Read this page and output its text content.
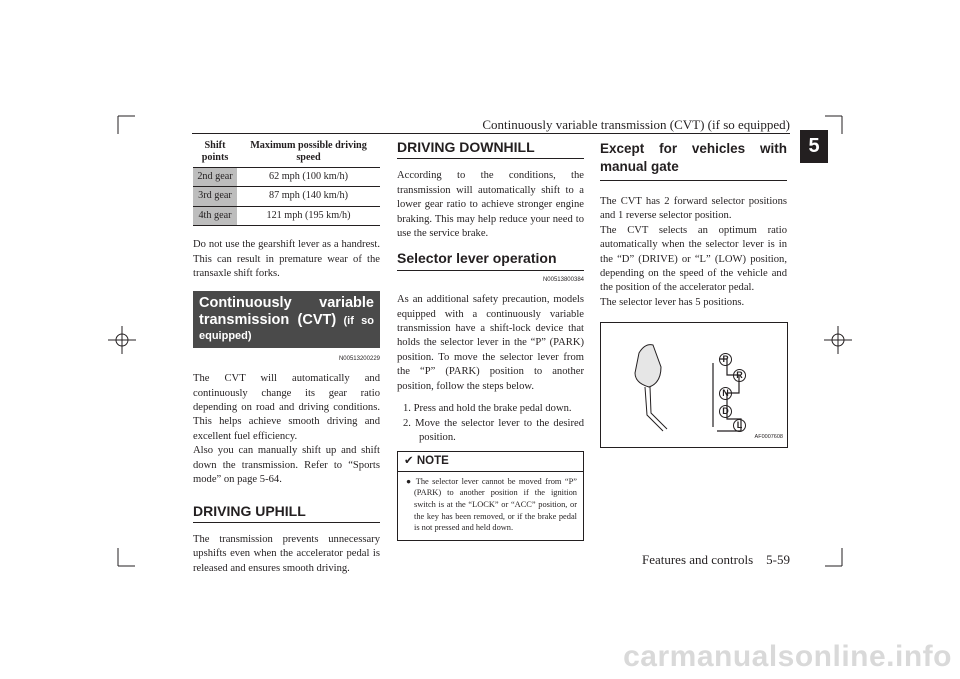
Continuously variable transmission (CVT) (if so equipped)
5
Shift points	Maximum possible driving speed
2nd gear	62 mph (100 km/h)
3rd gear	87 mph (140 km/h)
4th gear	121 mph (195 km/h)

Do not use the gearshift lever as a handrest. This can result in premature wear of the transaxle shift forks.

Continuously variable transmission (CVT) (if so equipped)
N00513200229

The CVT will automatically and continuously change its gear ratio depending on road and driving conditions. This helps achieve smooth driving and excellent fuel efficiency.

Also you can manually shift up and shift down the transmission. Refer to “Sports mode” on page 5-64.

DRIVING UPHILL

The transmission prevents unnecessary upshifts even when the accelerator pedal is released and ensures smooth driving.

DRIVING DOWNHILL

According to the conditions, the transmission will automatically shift to a lower gear ratio to achieve stronger engine braking. This may help reduce your need to use the service brake.

Selector lever operation
N00513800384

As an additional safety precaution, models equipped with a continuously variable transmission have a shift-lock device that holds the selector lever in the “P” (PARK) position. To move the selector lever from the “P” (PARK) position to another position, follow the steps below.

1. Press and hold the brake pedal down.
2. Move the selector lever to the desired position.
✔ NOTE
● The selector lever cannot be moved from “P” (PARK) to another position if the ignition switch is at the “LOCK” or “ACC” position, or the key has been removed, or if the brake pedal is not pressed and held down.
Except for vehicles with manual gate

The CVT has 2 forward selector positions and 1 reverse selector position.

The CVT selects an optimum ratio automatically when the selector lever is in the “D” (DRIVE) or “L” (LOW) position, depending on the speed of the vehicle and the position of the accelerator pedal.

The selector lever has 5 positions.

P
R
N
D
L
AF0007608
Features and controls    5-59
carmanualsonline.info
